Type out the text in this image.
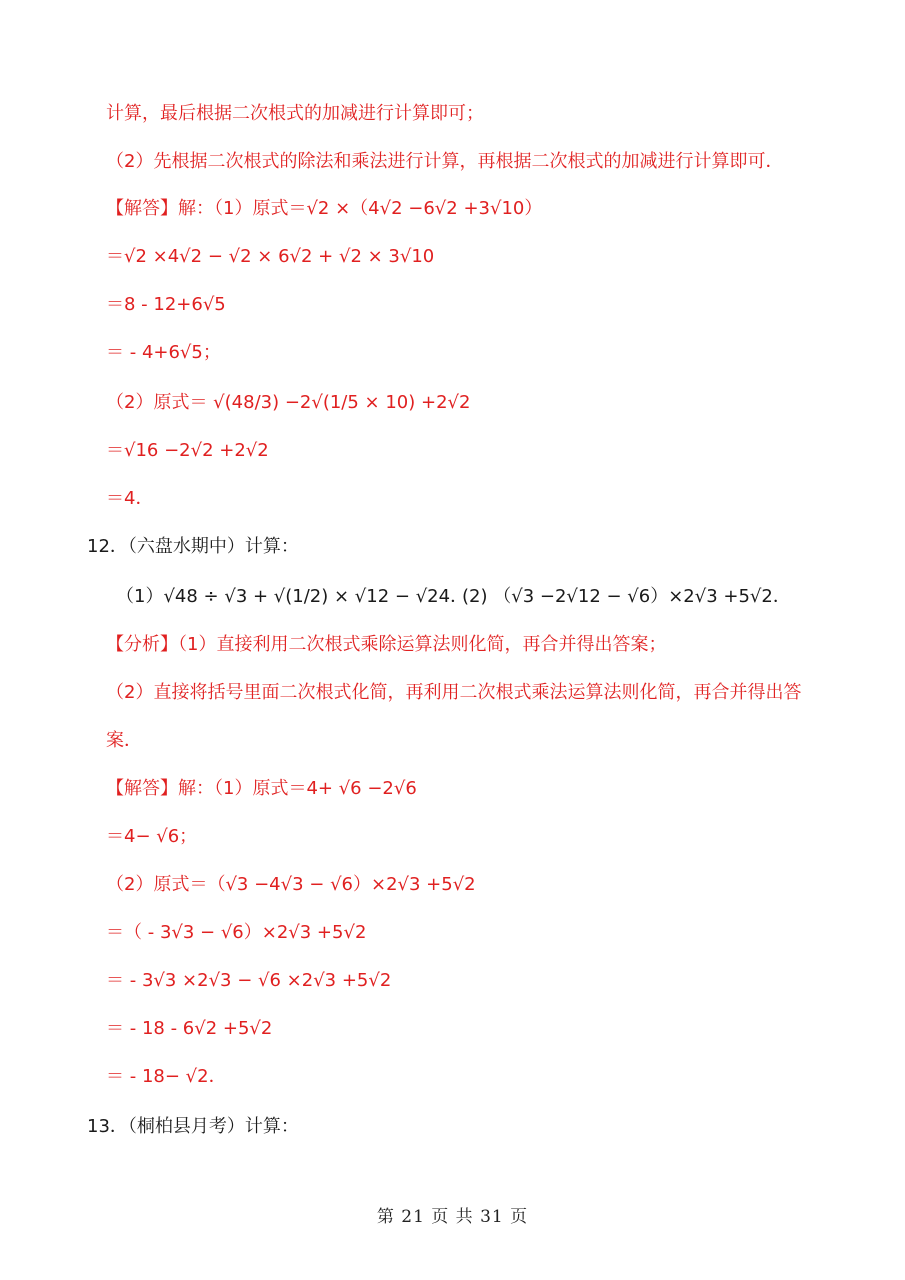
计算，最后根据二次根式的加减进行计算即可；
（2）先根据二次根式的除法和乘法进行计算，再根据二次根式的加减进行计算即可．
【解答】解：（1）原式＝√2 ×（4√2 −6√2 +3√10）
＝√2 ×4√2 − √2 × 6√2 + √2 × 3√10
＝8 - 12+6√5
＝ - 4+6√5；
（2）原式＝ √(48/3) −2√(1/5 × 10) +2√2
＝√16 −2√2 +2√2
＝4．
12．（六盘水期中）计算：
（1）√48 ÷ √3 + √(1/2) × √12 − √24．
(2) （√3 −2√12 − √6）×2√3 +5√2．
【分析】（1）直接利用二次根式乘除运算法则化简，再合并得出答案；
（2）直接将括号里面二次根式化简，再利用二次根式乘法运算法则化简，再合并得出答
案．
【解答】解：（1）原式＝4+ √6 −2√6
＝4− √6；
（2）原式＝（√3 −4√3 − √6）×2√3 +5√2
＝（ - 3√3 − √6）×2√3 +5√2
＝ - 3√3 ×2√3 − √6 ×2√3 +5√2
＝ - 18 - 6√2 +5√2
＝ - 18− √2．
13．（桐柏县月考）计算：
第 21 页 共 31 页
